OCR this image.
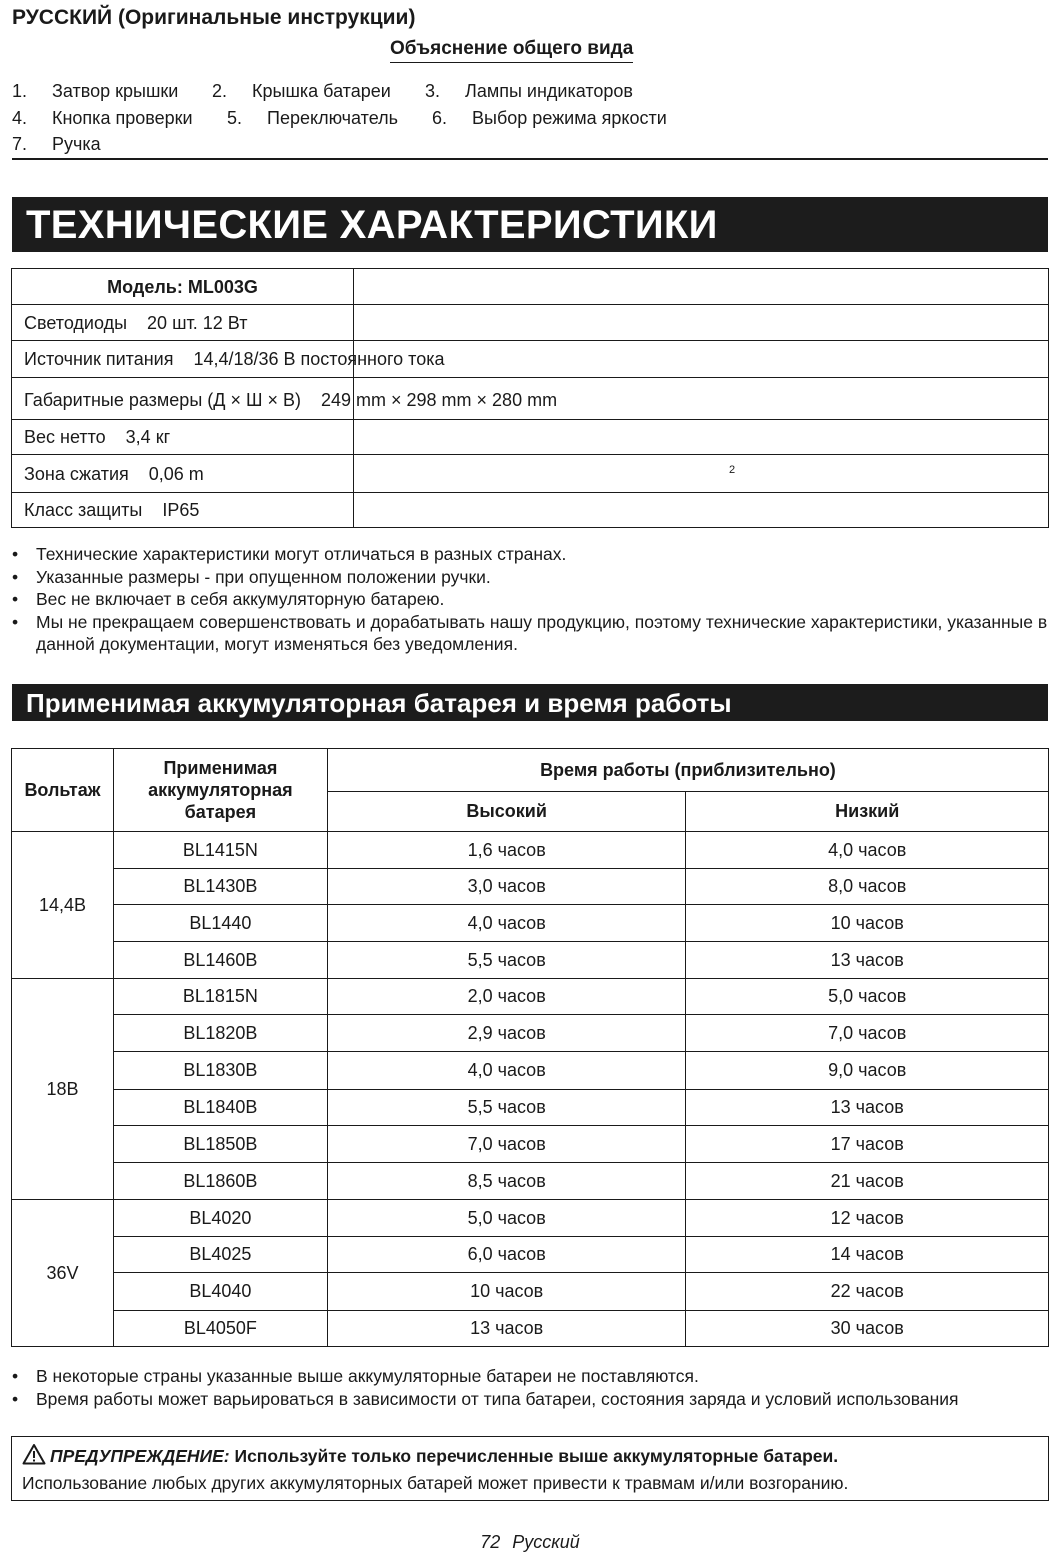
РУССКИЙ (Оригинальные инструкции)
Объяснение общего вида
1. Затвор крышки 2. Крышка батареи 3. Лампы индикаторов
4. Кнопка проверки 5. Переключатель 6. Выбор режима яркости
7. Ручка
ТЕХНИЧЕСКИЕ ХАРАКТЕРИСТИКИ
Модель: ML003G
Светодиоды    20 шт. 12 Вт
Источник питания    14,4/18/36 В постоянного тока
Габаритные размеры (Д × Ш × В)    249 mm × 298 mm × 280 mm
Вес нетто    3,4 кг
Зона сжатия    0,06 m	2
Класс защиты    IP65
• Технические характеристики могут отличаться в разных странах.
• Указанные размеры - при опущенном положении ручки.
• Вес не включает в себя аккумуляторную батарею.
• Мы не прекращаем совершенствовать и дорабатывать нашу продукцию, поэтому технические характеристики, указанные в данной документации, могут изменяться без уведомления.
Применимая аккумуляторная батарея и время работы
Вольтаж	Применимая аккумуляторная батарея	Время работы (приблизительно)	
		Высокий	Низкий
14,4В	BL1415N	1,6 часов	4,0 часов
	BL1430B	3,0 часов	8,0 часов
	BL1440	4,0 часов	10 часов
	BL1460B	5,5 часов	13 часов
18В	BL1815N	2,0 часов	5,0 часов
	BL1820B	2,9 часов	7,0 часов
	BL1830B	4,0 часов	9,0 часов
	BL1840B	5,5 часов	13 часов
	BL1850B	7,0 часов	17 часов
	BL1860B	8,5 часов	21 часов
36V	BL4020	5,0 часов	12 часов
	BL4025	6,0 часов	14 часов
	BL4040	10 часов	22 часов
	BL4050F	13 часов	30 часов
• В некоторые страны указанные выше аккумуляторные батареи не поставляются.
• Время работы может варьироваться в зависимости от типа батареи, состояния заряда и условий использования
ПРЕДУПРЕЖДЕНИЕ: Используйте только перечисленные выше аккумуляторные батареи.
Использование любых других аккумуляторных батарей может привести к травмам и/или возгоранию.
72 Русский
